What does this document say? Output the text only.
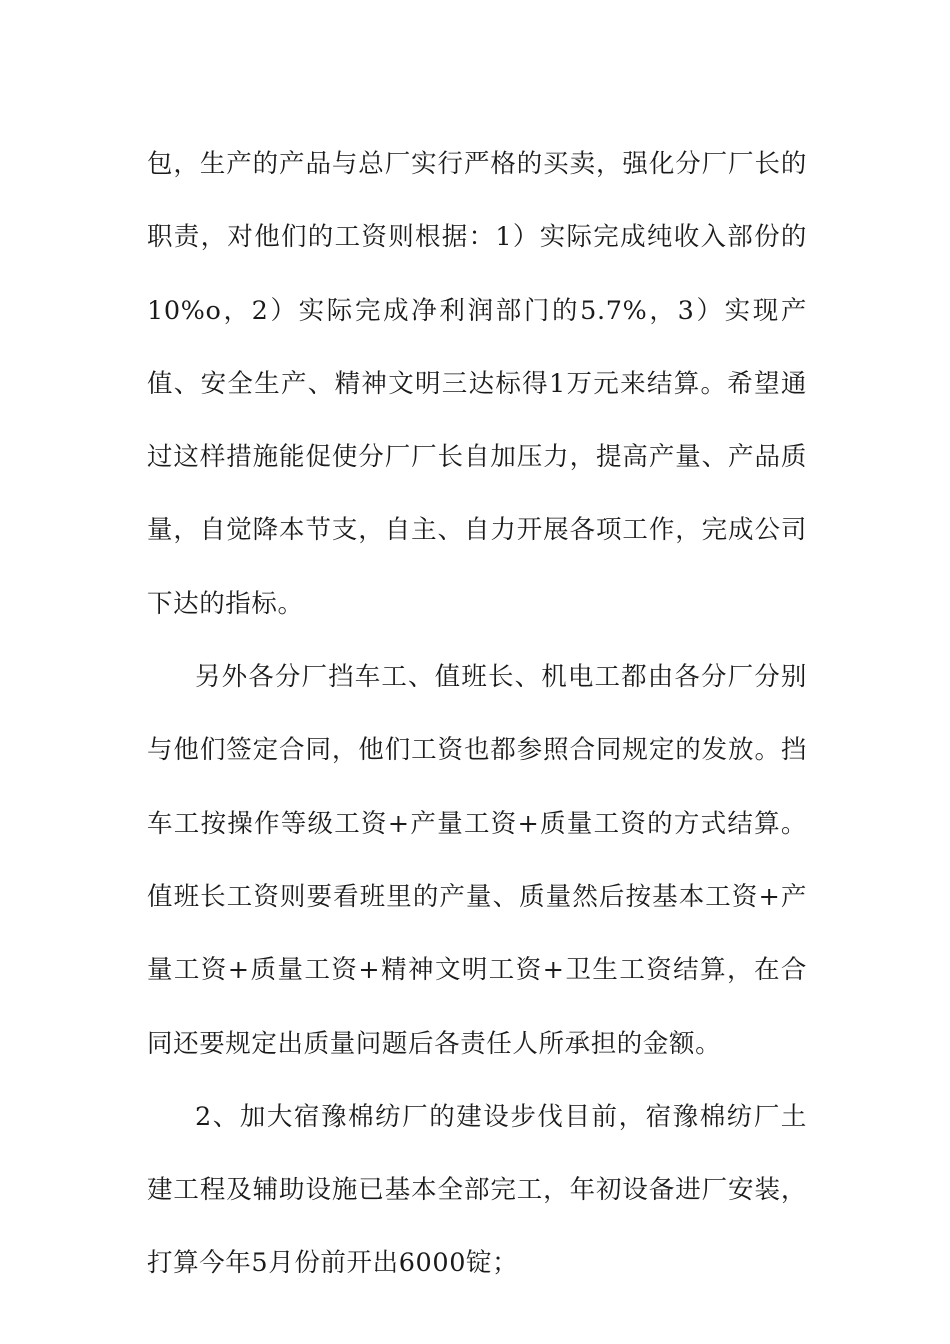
包，生产的产品与总厂实行严格的买卖，强化分厂厂长的职责，对他们的工资则根据：1）实际完成纯收入部份的10%o，2）实际完成净利润部门的5.7%，3）实现产值、安全生产、精神文明三达标得1万元来结算。希望通过这样措施能促使分厂厂长自加压力，提高产量、产品质量，自觉降本节支，自主、自力开展各项工作，完成公司下达的指标。

另外各分厂挡车工、值班长、机电工都由各分厂分别与他们签定合同，他们工资也都参照合同规定的发放。挡车工按操作等级工资+产量工资+质量工资的方式结算。值班长工资则要看班里的产量、质量然后按基本工资+产量工资+质量工资+精神文明工资+卫生工资结算，在合同还要规定出质量问题后各责任人所承担的金额。

2、加大宿豫棉纺厂的建设步伐目前，宿豫棉纺厂土建工程及辅助设施已基本全部完工，年初设备进厂安装，打算今年5月份前开出6000锭；
